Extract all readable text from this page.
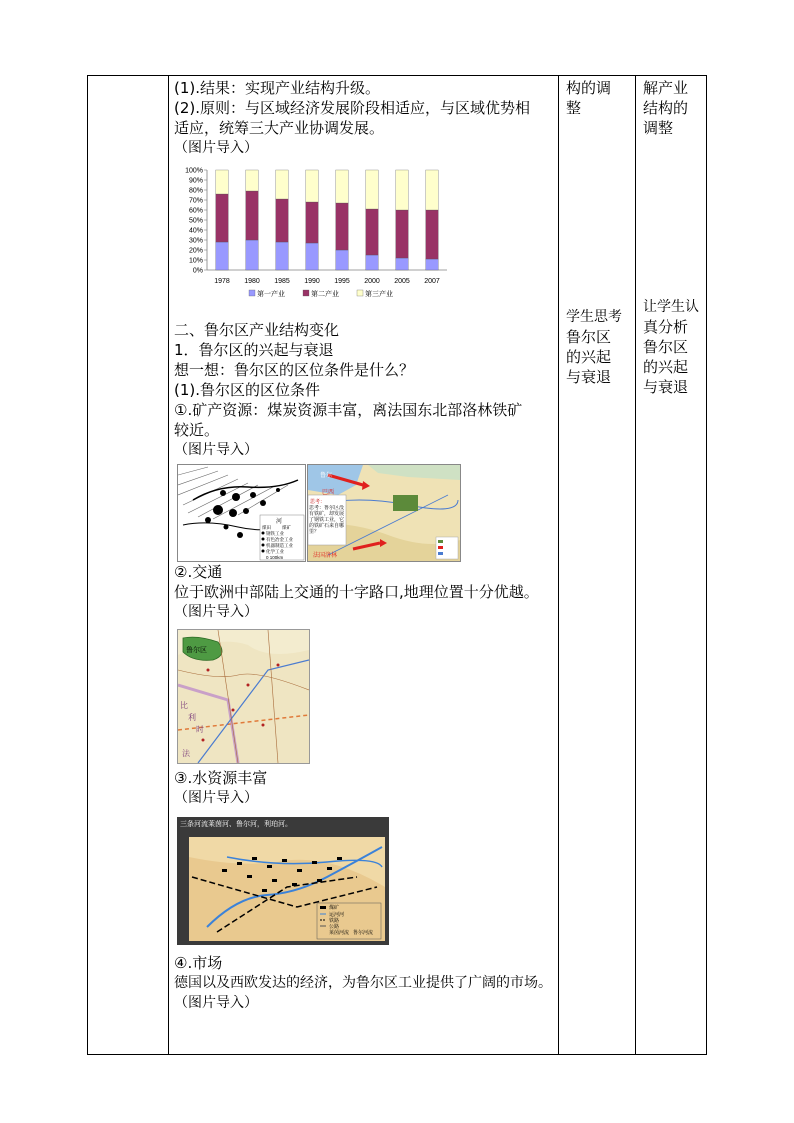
(1).结果：实现产业结构升级。
(2).原则：与区域经济发展阶段相适应，与区域优势相
适应，统筹三大产业协调发展。
（图片导入）
0%
10%
20%
30%
40%
50%
60%
70%
80%
90%
100%
1978 1980 1985 1990 1995 2000 2005 2007
第一产业	第二产业	第三产业
二、鲁尔区产业结构变化
1．鲁尔区的兴起与衰退
想一想：鲁尔区的区位条件是什么？
(1).鲁尔区的区位条件
①.矿产资源：煤炭资源丰富，离法国东北部洛林铁矿
较近。
（图片导入）
河
煤田 煤矿
钢铁工业
有色冶金工业
机器制造工业
化学工业
0 100km
思考：
思考：鲁尔区没有铁矿，却发展了钢铁工业，它的铁矿石来自哪里？
鲁尔
巴西
法国洛林
②.交通
位于欧洲中部陆上交通的十字路口,地理位置十分优越。
（图片导入）
鲁尔区
比
利
时
法
③.水资源丰富
（图片导入）
三条河流莱茵河、鲁尔河，利珀河。
煤矿
运河河
铁路
公路
莱茵河流 鲁尔河流
④.市场
德国以及西欧发达的经济，为鲁尔区工业提供了广阔的市场。
（图片导入）
构的调
整
学生思考
鲁尔区
的兴起
与衰退
解产业
结构的
调整
让学生认
真分析
鲁尔区
的兴起
与衰退
